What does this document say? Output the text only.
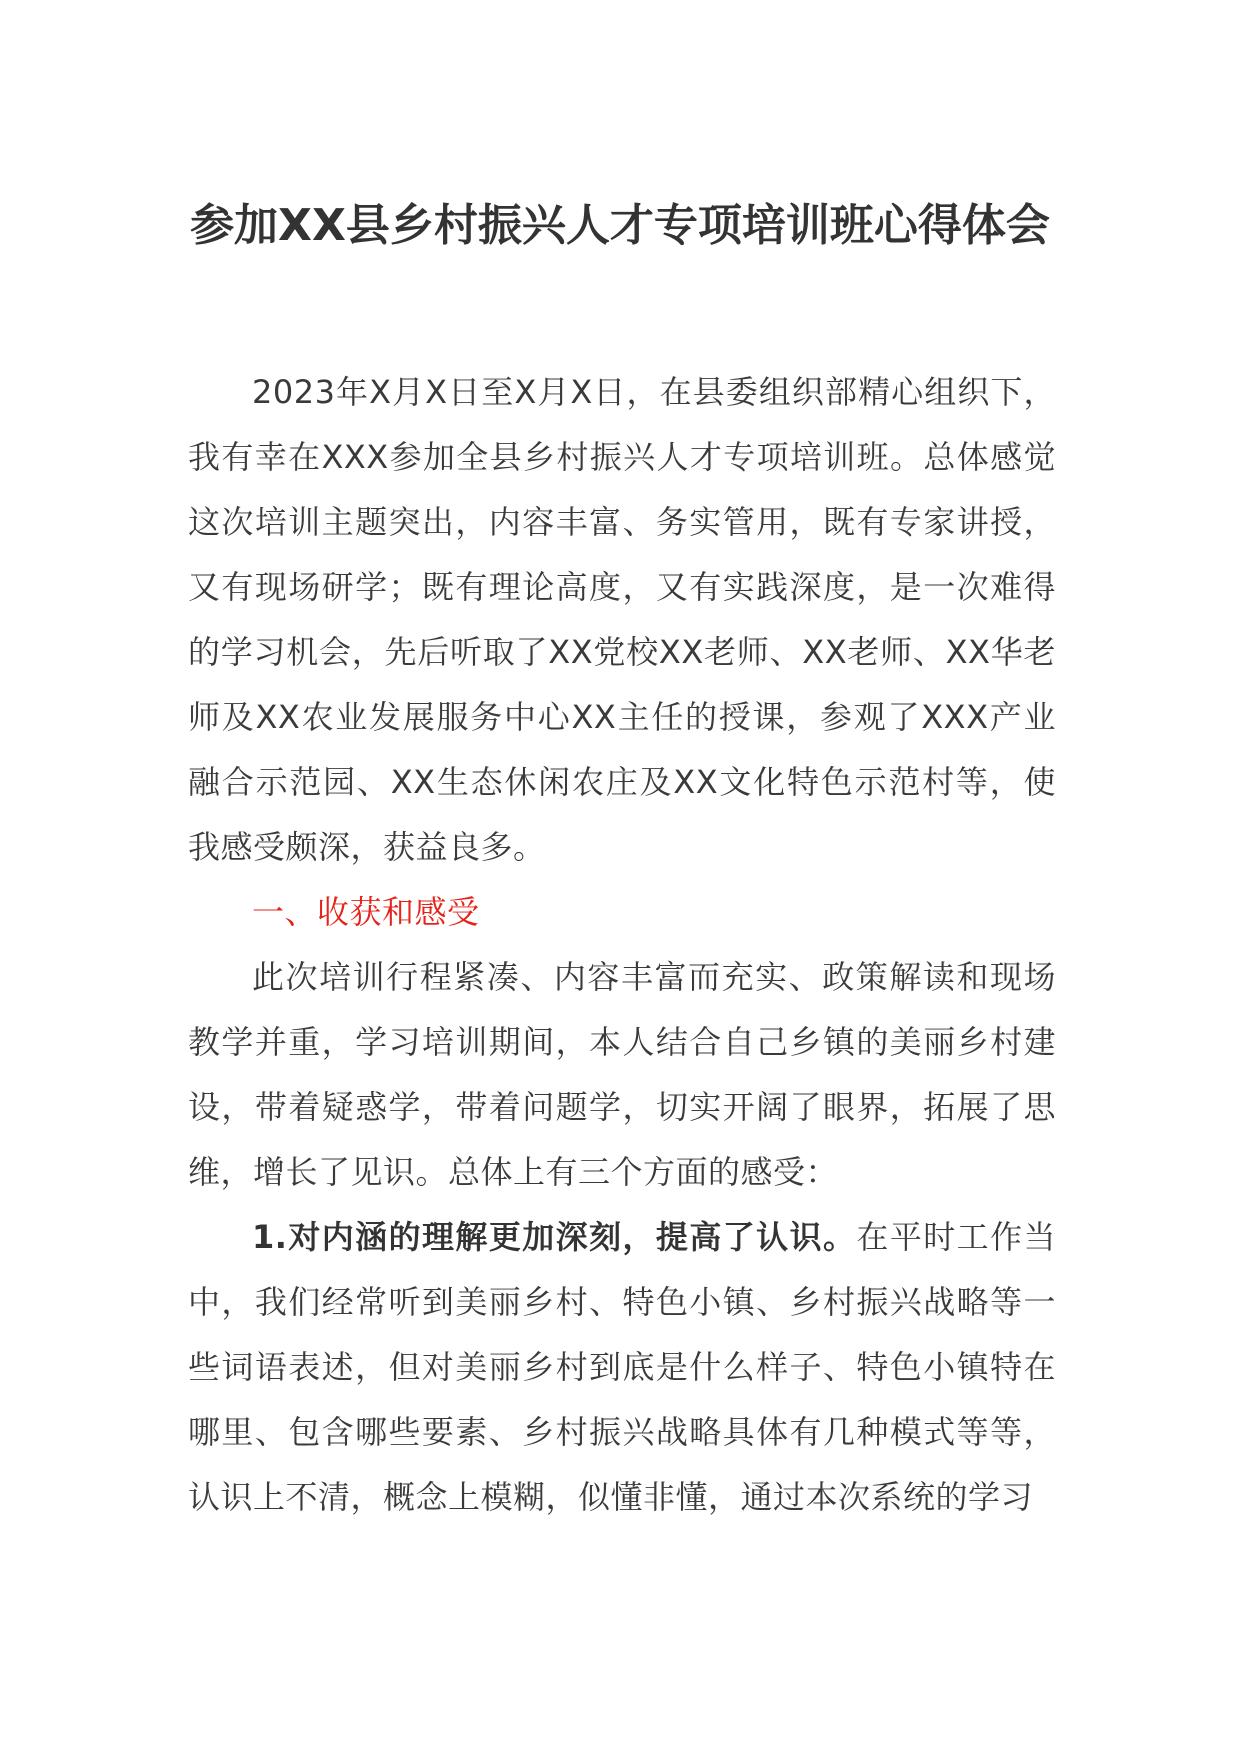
参加XX县乡村振兴人才专项培训班心得体会

2023年X月X日至X月X日，在县委组织部精心组织下，我有幸在XXX参加全县乡村振兴人才专项培训班。总体感觉这次培训主题突出，内容丰富、务实管用，既有专家讲授，又有现场研学；既有理论高度，又有实践深度，是一次难得的学习机会，先后听取了XX党校XX老师、XX老师、XX华老师及XX农业发展服务中心XX主任的授课，参观了XXX产业融合示范园、XX生态休闲农庄及XX文化特色示范村等，使我感受颇深，获益良多。

一、收获和感受

此次培训行程紧凑、内容丰富而充实、政策解读和现场教学并重，学习培训期间，本人结合自己乡镇的美丽乡村建设，带着疑惑学，带着问题学，切实开阔了眼界，拓展了思维，增长了见识。总体上有三个方面的感受：

1.对内涵的理解更加深刻，提高了认识。在平时工作当中，我们经常听到美丽乡村、特色小镇、乡村振兴战略等一些词语表述，但对美丽乡村到底是什么样子、特色小镇特在哪里、包含哪些要素、乡村振兴战略具体有几种模式等等，认识上不清，概念上模糊，似懂非懂，通过本次系统的学习
